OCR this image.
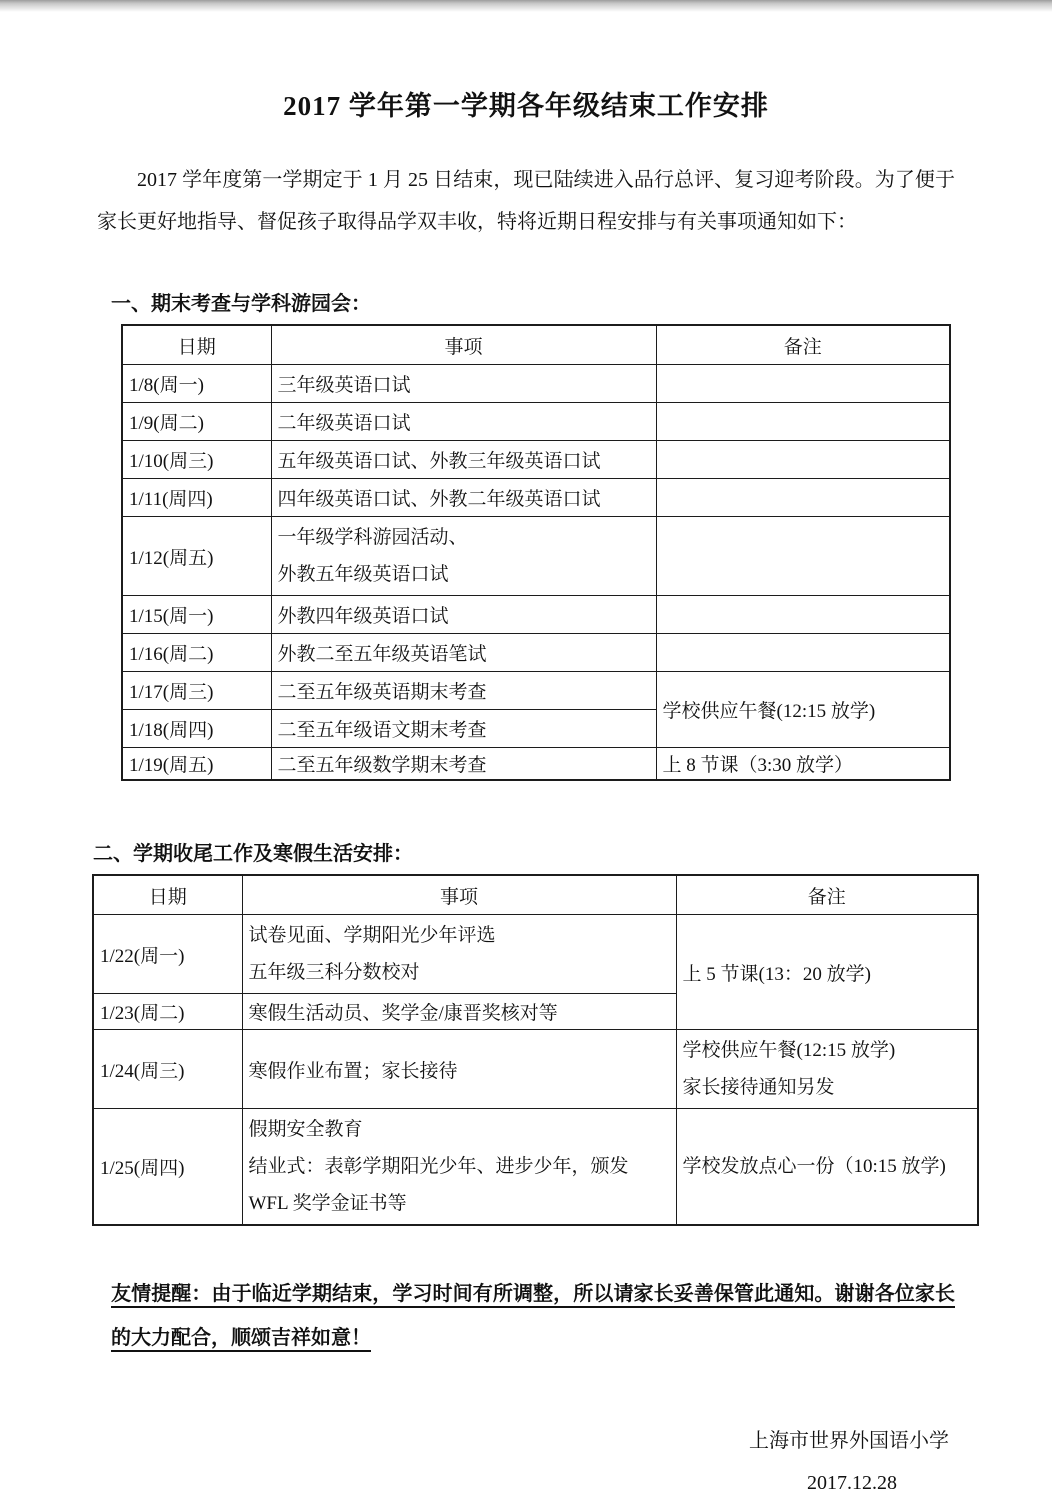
2017 学年第一学期各年级结束工作安排

2017 学年度第一学期定于 1 月 25 日结束，现已陆续进入品行总评、复习迎考阶段。为了便于家长更好地指导、督促孩子取得品学双丰收，特将近期日程安排与有关事项通知如下：

一、期末考查与学科游园会：
日期	事项	备注
1/8(周一)	三年级英语口试	
1/9(周二)	二年级英语口试	
1/10(周三)	五年级英语口试、外教三年级英语口试	
1/11(周四)	四年级英语口试、外教二年级英语口试	
1/12(周五)	一年级学科游园活动、
外教五年级英语口试	

1/15(周一)	外教四年级英语口试	
1/16(周二)	外教二至五年级英语笔试	
1/17(周三)	二至五年级英语期末考查	学校供应午餐(12:15 放学)
1/18(周四)	二至五年级语文期末考查	
1/19(周五)	二至五年级数学期末考查	上 8 节课（3:30 放学）
二、学期收尾工作及寒假生活安排：
日期	事项	备注
1/22(周一)	试卷见面、学期阳光少年评选
五年级三科分数校对	上 5 节课(13：20 放学)
1/23(周二)	寒假生活动员、奖学金/康晋奖核对等	
1/24(周三)	寒假作业布置；家长接待	学校供应午餐(12:15 放学)
家长接待通知另发

1/25(周四)	假期安全教育
结业式：表彰学期阳光少年、进步少年，颁发 WFL 奖学金证书等	学校发放点心一份（10:15 放学)

友情提醒：由于临近学期结束，学习时间有所调整，所以请家长妥善保管此通知。谢谢各位家长的大力配合，顺颂吉祥如意！

上海市世界外国语小学
2017.12.28
